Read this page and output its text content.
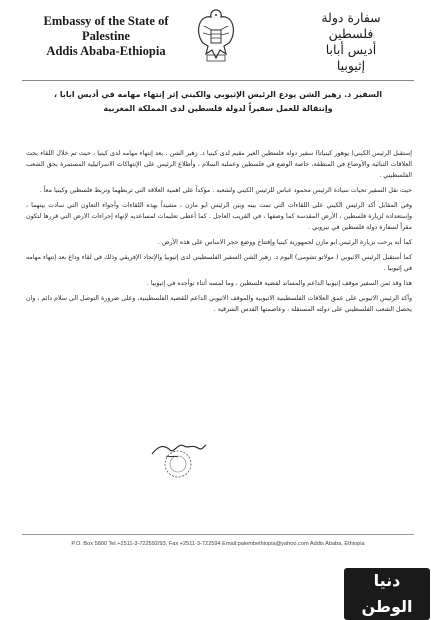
Embassy of the State of
Palestine
Addis Ababa-Ethiopia
سفارة دولة
فلسطين
أديس أبابا
إثيوبيا
السفير د. زهير الشن يودع الرئيس الإثيوبي والكيني إثر إنتهاء مهامه في أديس ابابا ،
وإنتقالة للعمل سفيراً لدولة فلسطين لدى المملكة المغربية

إستقبل الرئيس الكيني( يوهور كينياتا) سفير دولة فلسطين الغير مقيم لدى كينيا د. زهير الشن ، بعد إنتهاء مهامه لدى كينيا ، حيث تم خلال اللقاء بحث العلاقات الثنائية والأوضاع في المنطقة، خاصة الوضع في فلسطين وعملية السلام ، وأطلاع الرئيس على الإنتهاكات الاسرائيلية المستمرة بحق الشعب الفلسطيني .

حيث نقل السفير تحيات سيادة الرئيس محمود عباس للرئيس الكيني ولشعبه . مؤكداً على اهمية العلاقة التي تربطهما وتربط فلسطين وكينيا معاً .

وفي المقابل أكد الرئيس الكيني على اللقاءات التي تمت بينه وبين الرئيس ابو مازن ، مشيداً بهذه اللقاءات وأجواء التعاون التي سادت بينهما ، وإستعداده لزيارة فلسطين ، الأرض المقدسة كما وصفها ، في القريب العاجل . كما أعطى تعليمات لمساعديه لإنهاء إجراءات الارض التي قررها لتكون مقراً لسفارة دولة فلسطين في نيروبي .

كما أنه يرحب بزيارة الرئيس ابو مازن لجمهورية كينيا وإفتتاح ووضع حجر الاساس على هذه الأرض .

كما أستقبل الرئيس الاثيوبي ( مولاتو تشومى) اليوم د. زهير الشن السفير الفلسطيني لدى إثيوبيا والإتحاد الإفريقي وذلك في لقاء وداع بعد إنتهاء مهامه في إثيوبيا .

هذا وقد ثمن السفير موقف إثيوبيا الداعم والمساند لقضية فلسطين ، وما لمسه أثناء توأجده في إثيوبيا .

وأكد الرئيس الاثيوبي على عمق العلاقات الفلسطينية الاثيوبية والموقف الاثيوبي الداعم للقضية الفلسطينية، وعلى ضرورة التوصل الى سلام دائم ، وان يحصل الشعب الفلسطيني على دولته المستقلة ، وعاصمتها القدس الشرقية .

P.O. Box 5800 Tel.+2511-3-722592/93, Fax +2511-3-722594 Email:palembethiopia@yahoo.com Addis Ababa, Ethiopia
دنيا الوطن
